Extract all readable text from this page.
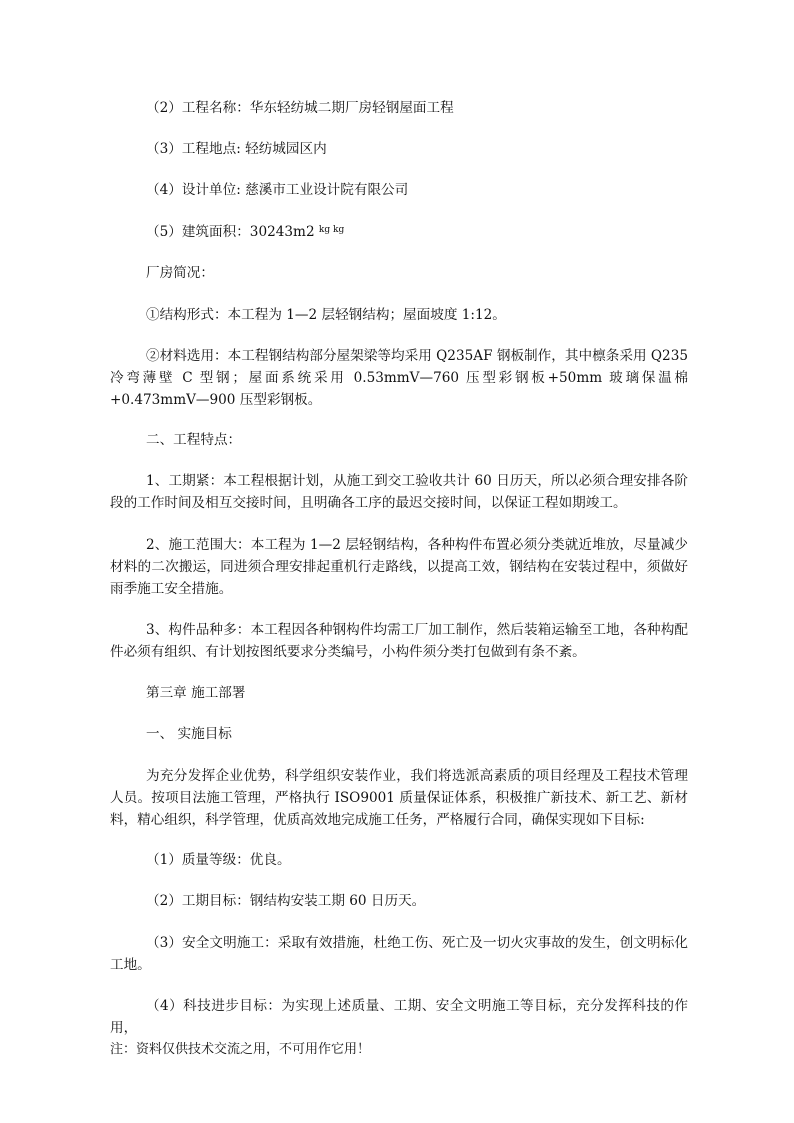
（2）工程名称：华东轻纺城二期厂房轻钢屋面工程

（3）工程地点: 轻纺城园区内

（4）设计单位: 慈溪市工业设计院有限公司

（5）建筑面积：30243m2 $^{kg kg}$

厂房简况：

①结构形式：本工程为 1—2 层轻钢结构；屋面坡度 1:12。

②材料选用：本工程钢结构部分屋架梁等均采用 Q235AF 钢板制作，其中檩条采用 Q235 冷弯薄壁 C 型钢；屋面系统采用 0.53mmV—760 压型彩钢板+50mm 玻璃保温棉+0.473mmV—900 压型彩钢板。

二、工程特点：

1、工期紧：本工程根据计划，从施工到交工验收共计 60 日历天，所以必须合理安排各阶段的工作时间及相互交接时间，且明确各工序的最迟交接时间，以保证工程如期竣工。

2、施工范围大：本工程为 1—2 层轻钢结构，各种构件布置必须分类就近堆放，尽量减少材料的二次搬运，同进须合理安排起重机行走路线，以提高工效，钢结构在安装过程中，须做好雨季施工安全措施。

3、构件品种多：本工程因各种钢构件均需工厂加工制作，然后装箱运输至工地，各种构配件必须有组织、有计划按图纸要求分类编号，小构件须分类打包做到有条不紊。

第三章 施工部署

一、 实施目标

为充分发挥企业优势，科学组织安装作业，我们将选派高素质的项目经理及工程技术管理人员。按项目法施工管理，严格执行 ISO9001 质量保证体系，积极推广新技术、新工艺、新材料，精心组织，科学管理，优质高效地完成施工任务，严格履行合同，确保实现如下目标:

（1）质量等级：优良。

（2）工期目标：钢结构安装工期 60 日历天。

（3）安全文明施工：采取有效措施，杜绝工伤、死亡及一切火灾事故的发生，创文明标化工地。

（4）科技进步目标：为实现上述质量、工期、安全文明施工等目标，充分发挥科技的作用，

注：资料仅供技术交流之用，不可用作它用！
